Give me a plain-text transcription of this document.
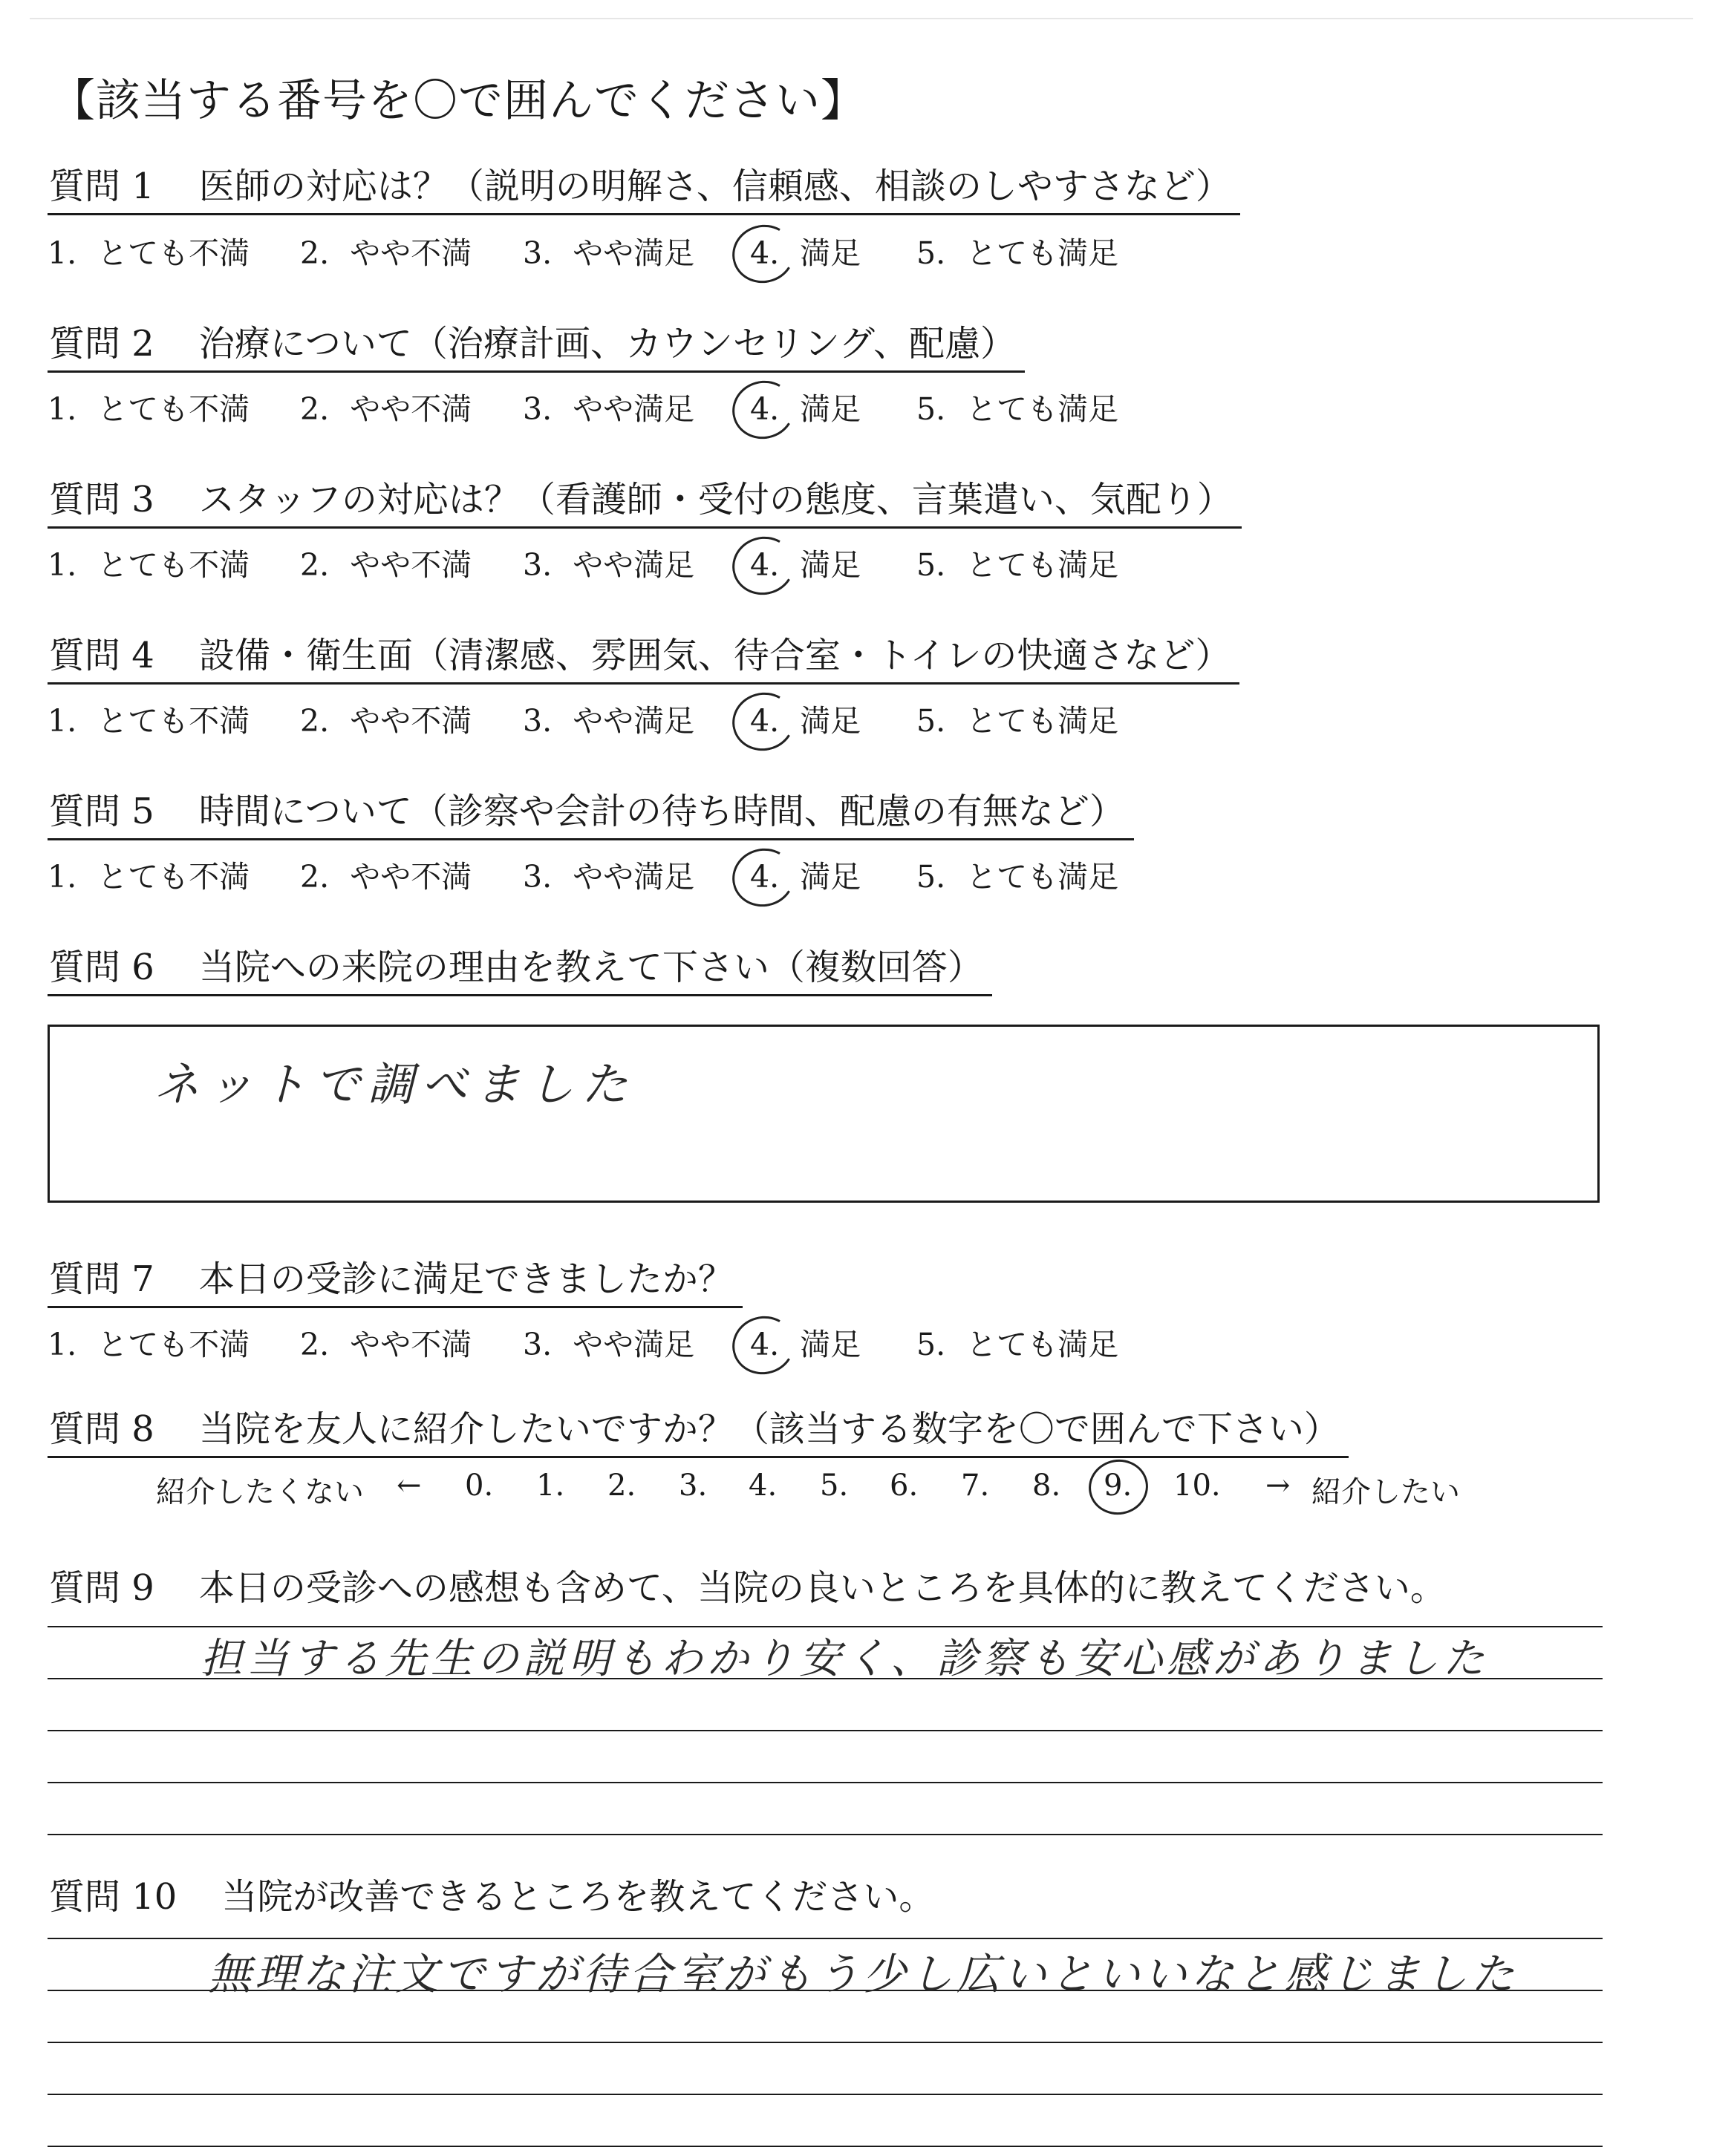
【該当する番号を〇で囲んでください】
質問 1 医師の対応は？（説明の明解さ、信頼感、相談のしやすさなど）
1. とても不満 2. やや不満 3. やや満足 4. 満足 5. とても満足
質問 2 治療について（治療計画、カウンセリング、配慮）
1. とても不満 2. やや不満 3. やや満足 4. 満足 5. とても満足
質問 3 スタッフの対応は？（看護師・受付の態度、言葉遣い、気配り）
1. とても不満 2. やや不満 3. やや満足 4. 満足 5. とても満足
質問 4 設備・衛生面（清潔感、雰囲気、待合室・トイレの快適さなど）
1. とても不満 2. やや不満 3. やや満足 4. 満足 5. とても満足
質問 5 時間について（診察や会計の待ち時間、配慮の有無など）
1. とても不満 2. やや不満 3. やや満足 4. 満足 5. とても満足
質問 6 当院への来院の理由を教えて下さい（複数回答）
ネットで調べました
質問 7 本日の受診に満足できましたか？
1. とても不満 2. やや不満 3. やや満足 4. 満足 5. とても満足
質問 8 当院を友人に紹介したいですか？（該当する数字を〇で囲んで下さい）
紹介したくない ← 0. 1. 2. 3. 4. 5. 6. 7. 8. 9. 10. → 紹介したい
質問 9 本日の受診への感想も含めて、当院の良いところを具体的に教えてください。
担当する先生の説明もわかり安く、診察も安心感がありました
質問 10 当院が改善できるところを教えてください。
無理な注文ですが待合室がもう少し広いといいなと感じました
